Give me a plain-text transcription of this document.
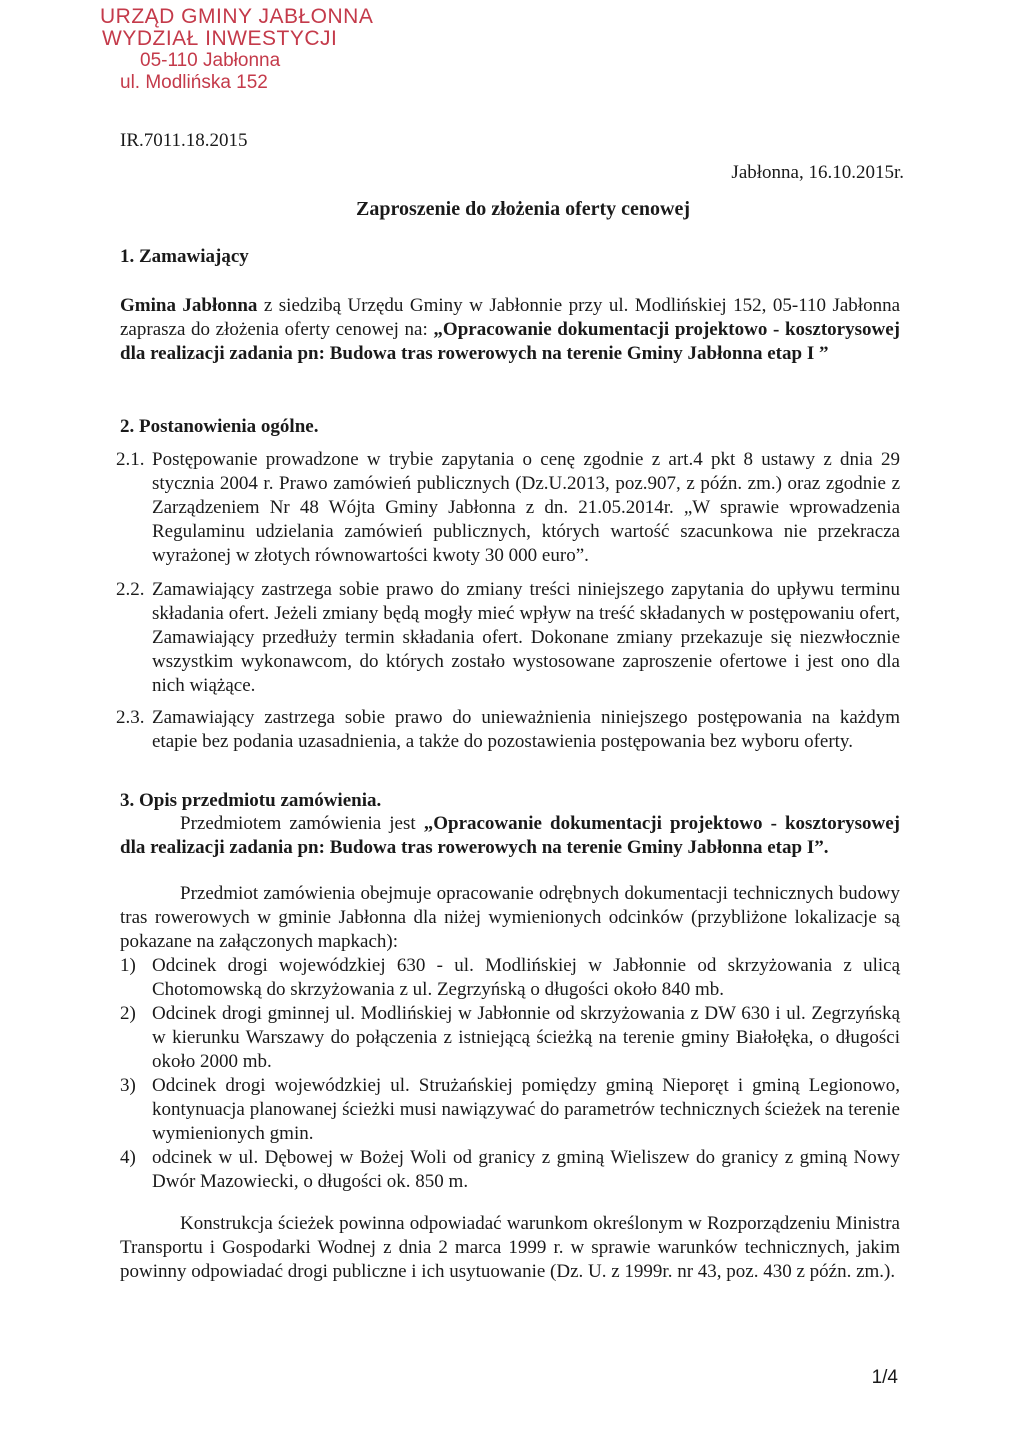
URZĄD GMINY JABŁONNA
WYDZIAŁ INWESTYCJI
05-110 Jabłonna
ul. Modlińska 152
IR.7011.18.2015
Jabłonna, 16.10.2015r.
Zaproszenie do złożenia oferty cenowej
1. Zamawiający
Gmina Jabłonna z siedzibą Urzędu Gminy w Jabłonnie przy ul. Modlińskiej 152, 05-110 Jabłonna zaprasza do złożenia oferty cenowej na: „Opracowanie dokumentacji projektowo - kosztorysowej dla realizacji zadania pn: Budowa tras rowerowych na terenie Gminy Jabłonna etap I ”
2. Postanowienia ogólne.
2.1. Postępowanie prowadzone w trybie zapytania o cenę zgodnie z art.4 pkt 8 ustawy z dnia 29 stycznia 2004 r. Prawo zamówień publicznych (Dz.U.2013, poz.907, z późn. zm.) oraz zgodnie z Zarządzeniem Nr 48 Wójta Gminy Jabłonna z dn. 21.05.2014r. „W sprawie wprowadzenia Regulaminu udzielania zamówień publicznych, których wartość szacunkowa nie przekracza wyrażonej w złotych równowartości kwoty 30 000 euro”.
2.2. Zamawiający zastrzega sobie prawo do zmiany treści niniejszego zapytania do upływu terminu składania ofert. Jeżeli zmiany będą mogły mieć wpływ na treść składanych w postępowaniu ofert, Zamawiający przedłuży termin składania ofert. Dokonane zmiany przekazuje się niezwłocznie wszystkim wykonawcom, do których zostało wystosowane zaproszenie ofertowe i jest ono dla nich wiążące.
2.3. Zamawiający zastrzega sobie prawo do unieważnienia niniejszego postępowania na każdym etapie bez podania uzasadnienia, a także do pozostawienia postępowania bez wyboru oferty.
3. Opis przedmiotu zamówienia.
Przedmiotem zamówienia jest „Opracowanie dokumentacji projektowo - kosztorysowej dla realizacji zadania pn: Budowa tras rowerowych na terenie Gminy Jabłonna etap I”.
Przedmiot zamówienia obejmuje opracowanie odrębnych dokumentacji technicznych budowy tras rowerowych w gminie Jabłonna dla niżej wymienionych odcinków (przybliżone lokalizacje są pokazane na załączonych mapkach):
1) Odcinek drogi wojewódzkiej 630 - ul. Modlińskiej w Jabłonnie od skrzyżowania z ulicą Chotomowską do skrzyżowania z ul. Zegrzyńską o długości około 840 mb.
2) Odcinek drogi gminnej ul. Modlińskiej w Jabłonnie od skrzyżowania z DW 630 i ul. Zegrzyńską w kierunku Warszawy do połączenia z istniejącą ścieżką na terenie gminy Białołęka, o długości około 2000 mb.
3) Odcinek drogi wojewódzkiej ul. Strużańskiej pomiędzy gminą Nieporęt i gminą Legionowo, kontynuacja planowanej ścieżki musi nawiązywać do parametrów technicznych ścieżek na terenie wymienionych gmin.
4) odcinek w ul. Dębowej w Bożej Woli od granicy z gminą Wieliszew do granicy z gminą Nowy Dwór Mazowiecki, o długości ok. 850 m.
Konstrukcja ścieżek powinna odpowiadać warunkom określonym w Rozporządzeniu Ministra Transportu i Gospodarki Wodnej z dnia 2 marca 1999 r. w sprawie warunków technicznych, jakim powinny odpowiadać drogi publiczne i ich usytuowanie (Dz. U. z 1999r. nr 43, poz. 430 z późn. zm.).
1/4
